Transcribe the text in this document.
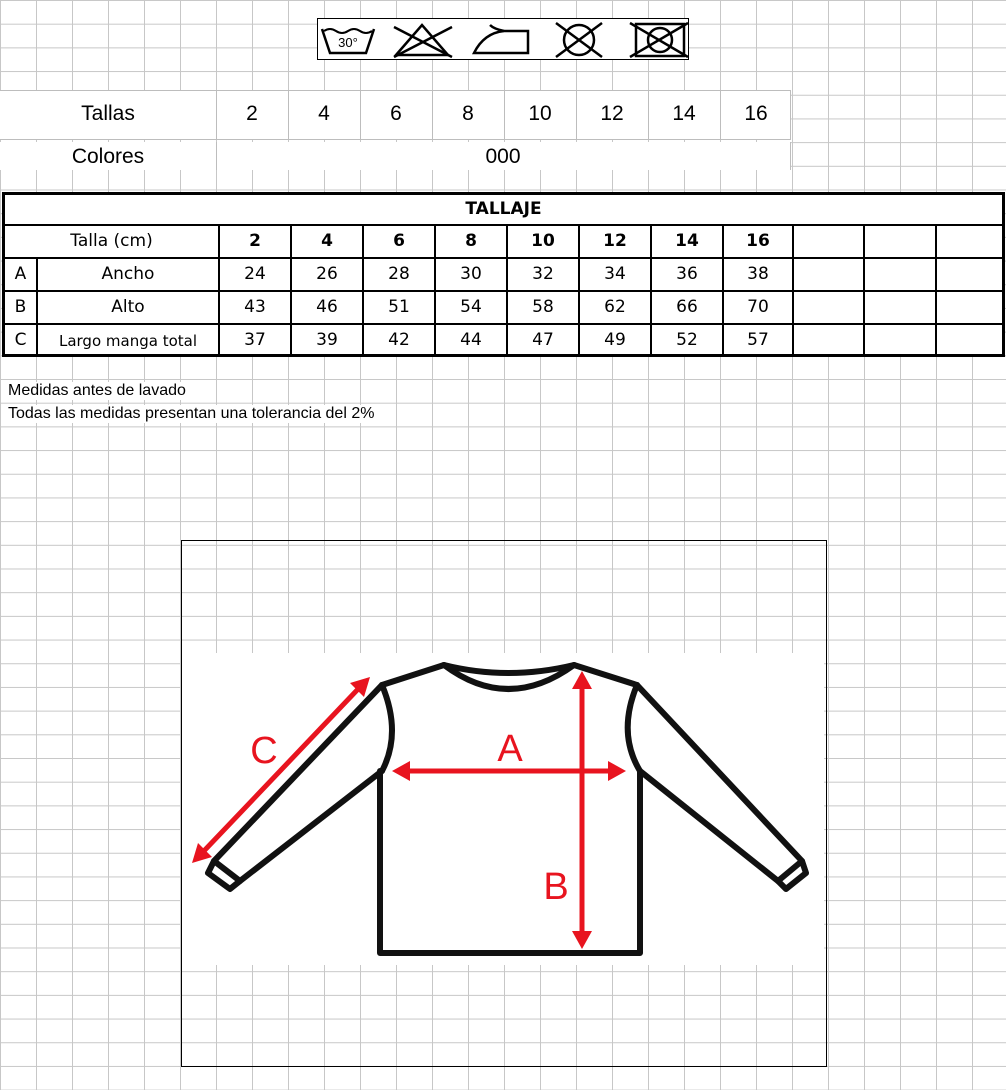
30°
Tallas	2	4	6	8	10	12	14	16
Colores	000
TALLAJE
Talla (cm)	2	4	6	8	10	12	14	16
A	Ancho	24	26	28	30	32	34	36	38
B	Alto	43	46	51	54	58	62	66	70
C	Largo manga total	37	39	42	44	47	49	52	57
Medidas antes de lavado
Todas las medidas presentan una tolerancia del 2%
A
B
C
